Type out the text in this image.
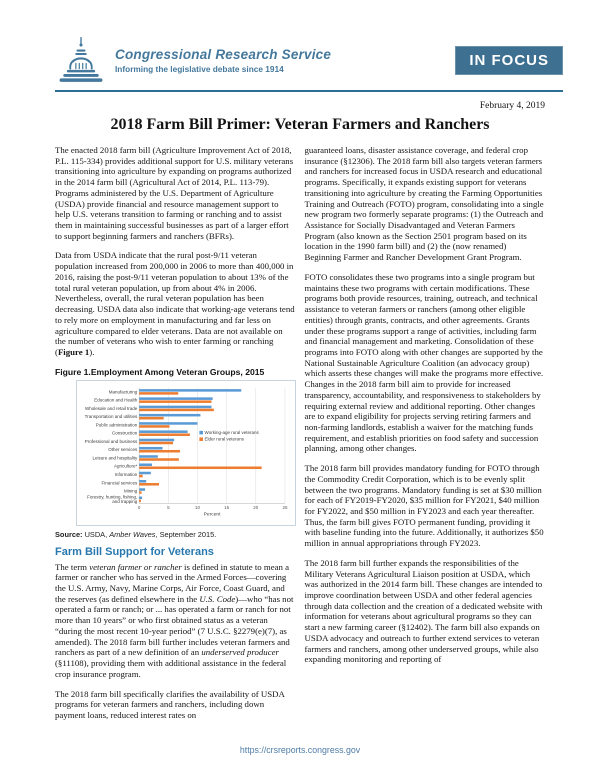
Congressional Research Service
Informing the legislative debate since 1914	IN FOCUS
February 4, 2019
2018 Farm Bill Primer: Veteran Farmers and Ranchers

The enacted 2018 farm bill (Agriculture Improvement Act of 2018, P.L. 115-334) provides additional support for U.S. military veterans transitioning into agriculture by expanding on programs authorized in the 2014 farm bill (Agricultural Act of 2014, P.L. 113-79). Programs administered by the U.S. Department of Agriculture (USDA) provide financial and resource management support to help U.S. veterans transition to farming or ranching and to assist them in maintaining successful businesses as part of a larger effort to support beginning farmers and ranchers (BFRs).

Data from USDA indicate that the rural post-9/11 veteran population increased from 200,000 in 2006 to more than 400,000 in 2016, raising the post-9/11 veteran population to about 13% of the total rural veteran population, up from about 4% in 2006. Nevertheless, overall, the rural veteran population has been decreasing. USDA data also indicate that working-age veterans tend to rely more on employment in manufacturing and far less on agriculture compared to elder veterans. Data are not available on the number of veterans who wish to enter farming or ranching (Figure 1).

Figure 1.Employment Among Veteran Groups, 2015
0	5	10	15	20	25
Manufacturing
Education and Health
Wholesale and retail trade
Transportation and utilities
Public administration
Construction
Professional and business
Other services
Leisure and hospitality
Agriculture*
Information
Financial services
Mining
Forestry, hunting, fishing,
and trapping
Percent
Working-age rural veterans
Elder rural veterans
Source: USDA, Amber Waves, September 2015.
Farm Bill Support for Veterans

The term veteran farmer or rancher is defined in statute to mean a farmer or rancher who has served in the Armed Forces—covering the U.S. Army, Navy, Marine Corps, Air Force, Coast Guard, and the reserves (as defined elsewhere in the U.S. Code)—who “has not operated a farm or ranch; or ... has operated a farm or ranch for not more than 10 years” or who first obtained status as a veteran “during the most recent 10-year period” (7 U.S.C. §2279(e)(7), as amended). The 2018 farm bill further includes veteran farmers and ranchers as part of a new definition of an underserved producer (§11108), providing them with additional assistance in the federal crop insurance program.

The 2018 farm bill specifically clarifies the availability of USDA programs for veteran farmers and ranchers, including down payment loans, reduced interest rates on

guaranteed loans, disaster assistance coverage, and federal crop insurance (§12306). The 2018 farm bill also targets veteran farmers and ranchers for increased focus in USDA research and educational programs. Specifically, it expands existing support for veterans transitioning into agriculture by creating the Farming Opportunities Training and Outreach (FOTO) program, consolidating into a single new program two formerly separate programs: (1) the Outreach and Assistance for Socially Disadvantaged and Veteran Farmers Program (also known as the Section 2501 program based on its location in the 1990 farm bill) and (2) the (now renamed) Beginning Farmer and Rancher Development Grant Program.

FOTO consolidates these two programs into a single program but maintains these two programs with certain modifications. These programs both provide resources, training, outreach, and technical assistance to veteran farmers or ranchers (among other eligible entities) through grants, contracts, and other agreements. Grants under these programs support a range of activities, including farm and financial management and marketing. Consolidation of these programs into FOTO along with other changes are supported by the National Sustainable Agriculture Coalition (an advocacy group) which asserts these changes will make the programs more effective. Changes in the 2018 farm bill aim to provide for increased transparency, accountability, and responsiveness to stakeholders by requiring external review and additional reporting. Other changes are to expand eligibility for projects serving retiring farmers and non-farming landlords, establish a waiver for the matching funds requirement, and establish priorities on food safety and succession planning, among other changes.

The 2018 farm bill provides mandatory funding for FOTO through the Commodity Credit Corporation, which is to be evenly split between the two programs. Mandatory funding is set at $30 million for each of FY2019-FY2020, $35 million for FY2021, $40 million for FY2022, and $50 million in FY2023 and each year thereafter. Thus, the farm bill gives FOTO permanent funding, providing it with baseline funding into the future. Additionally, it authorizes $50 million in annual appropriations through FY2023.

The 2018 farm bill further expands the responsibilities of the Military Veterans Agricultural Liaison position at USDA, which was authorized in the 2014 farm bill. These changes are intended to improve coordination between USDA and other federal agencies through data collection and the creation of a dedicated website with information for veterans about agricultural programs so they can start a new farming career (§12402). The farm bill also expands on USDA advocacy and outreach to further extend services to veteran farmers and ranchers, among other underserved groups, while also expanding monitoring and reporting of

https://crsreports.congress.gov
